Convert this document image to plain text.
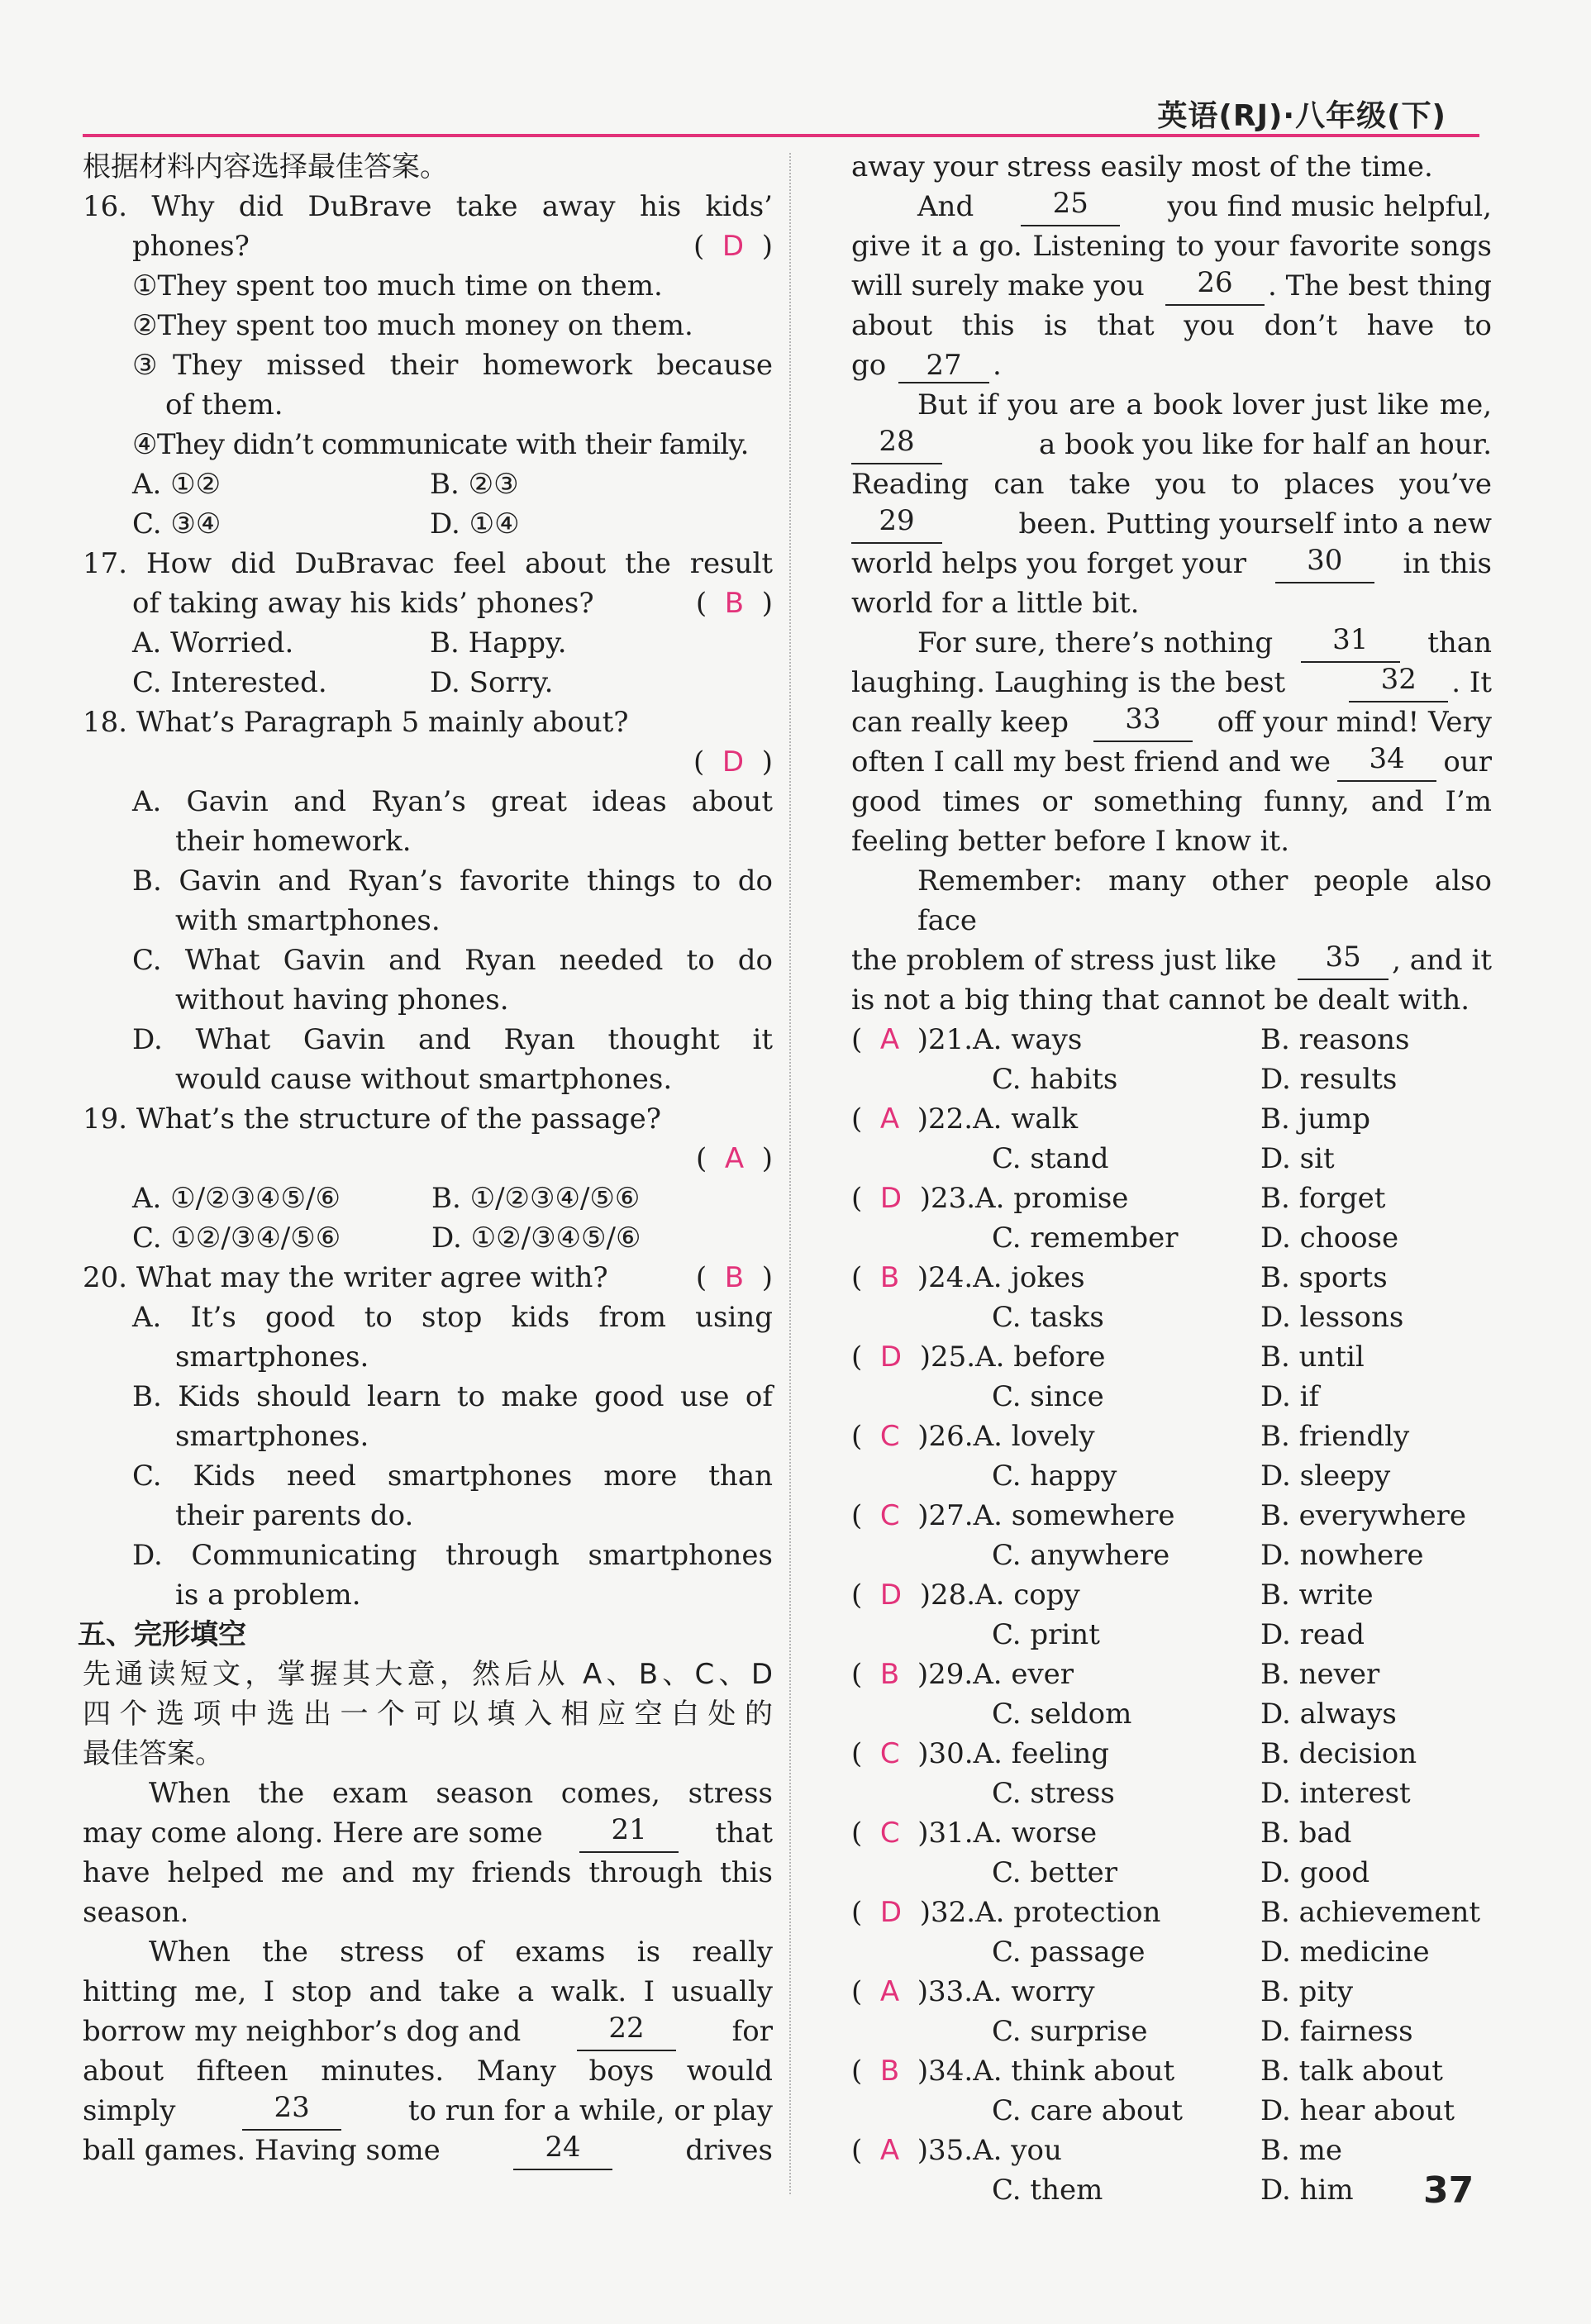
英语(RJ)·八年级(下)
根据材料内容选择最佳答案。
16. Why did DuBrave take away his kids’
phones?	(  D  )
①They spent too much time on them.
②They spent too much money on them.
③They missed their homework because
of them.
④They didn’t communicate with their family.
A. ①②	B. ②③
C. ③④	D. ①④
17. How did DuBravac feel about the result
of taking away his kids’ phones?	(  B  )
A. Worried.	B. Happy.
C. Interested.	D. Sorry.
18. What’s Paragraph 5 mainly about?
(  D  )
A. Gavin and Ryan’s great ideas about
their homework.
B. Gavin and Ryan’s favorite things to do
with smartphones.
C. What Gavin and Ryan needed to do
without having phones.
D. What Gavin and Ryan thought it
would cause without smartphones.
19. What’s the structure of the passage?
(  A  )
A. ①/②③④⑤/⑥	B. ①/②③④/⑤⑥
C. ①②/③④/⑤⑥	D. ①②/③④⑤/⑥
20. What may the writer agree with?	(  B  )
A. It’s good to stop kids from using
smartphones.
B. Kids should learn to make good use of
smartphones.
C. Kids need smartphones more than
their parents do.
D. Communicating through smartphones
is a problem.
五、完形填空
先通读短文，掌握其大意，然后从 A、B、C、D
四个选项中选出一个可以填入相应空白处的
最佳答案。
When the exam season comes, stress
may come along. Here are some	21	that
have helped me and my friends through this
season.
When the stress of exams is really
hitting me, I stop and take a walk. I usually
borrow my neighbor’s dog and	22	for
about fifteen minutes. Many boys would
simply	23	to run for a while, or play
ball games. Having some	24	drives
away your stress easily most of the time.
And	25	you find music helpful,
give it a go. Listening to your favorite songs
will surely make you	26	. The best thing
about this is that you don’t have to
go 27 .
But if you are a book lover just like me,
28	a book you like for half an hour.
Reading can take you to places you’ve
29	been. Putting yourself into a new
world helps you forget your	30	in this
world for a little bit.
For sure, there’s nothing	31	than
laughing. Laughing is the best	32	. It
can really keep	33	off your mind! Very
often I call my best friend and we	34	our
good times or something funny, and I’m
feeling better before I know it.
Remember: many other people also face
the problem of stress just like	35	, and it
is not a big thing that cannot be dealt with.
(  A )21.A. ways	B. reasons
C. habits	D. results
(  A )22.A. walk	B. jump
C. stand	D. sit
(  D )23.A. promise	B. forget
C. remember	D. choose
(  B )24.A. jokes	B. sports
C. tasks	D. lessons
(  D )25.A. before	B. until
C. since	D. if
(  C )26.A. lovely	B. friendly
C. happy	D. sleepy
(  C )27.A. somewhere	B. everywhere
C. anywhere	D. nowhere
(  D )28.A. copy	B. write
C. print	D. read
(  B )29.A. ever	B. never
C. seldom	D. always
(  C )30.A. feeling	B. decision
C. stress	D. interest
(  C )31.A. worse	B. bad
C. better	D. good
(  D )32.A. protection	B. achievement
C. passage	D. medicine
(  A )33.A. worry	B. pity
C. surprise	D. fairness
(  B )34.A. think about	B. talk about
C. care about	D. hear about
(  A )35.A. you	B. me
C. them	D. him 37
